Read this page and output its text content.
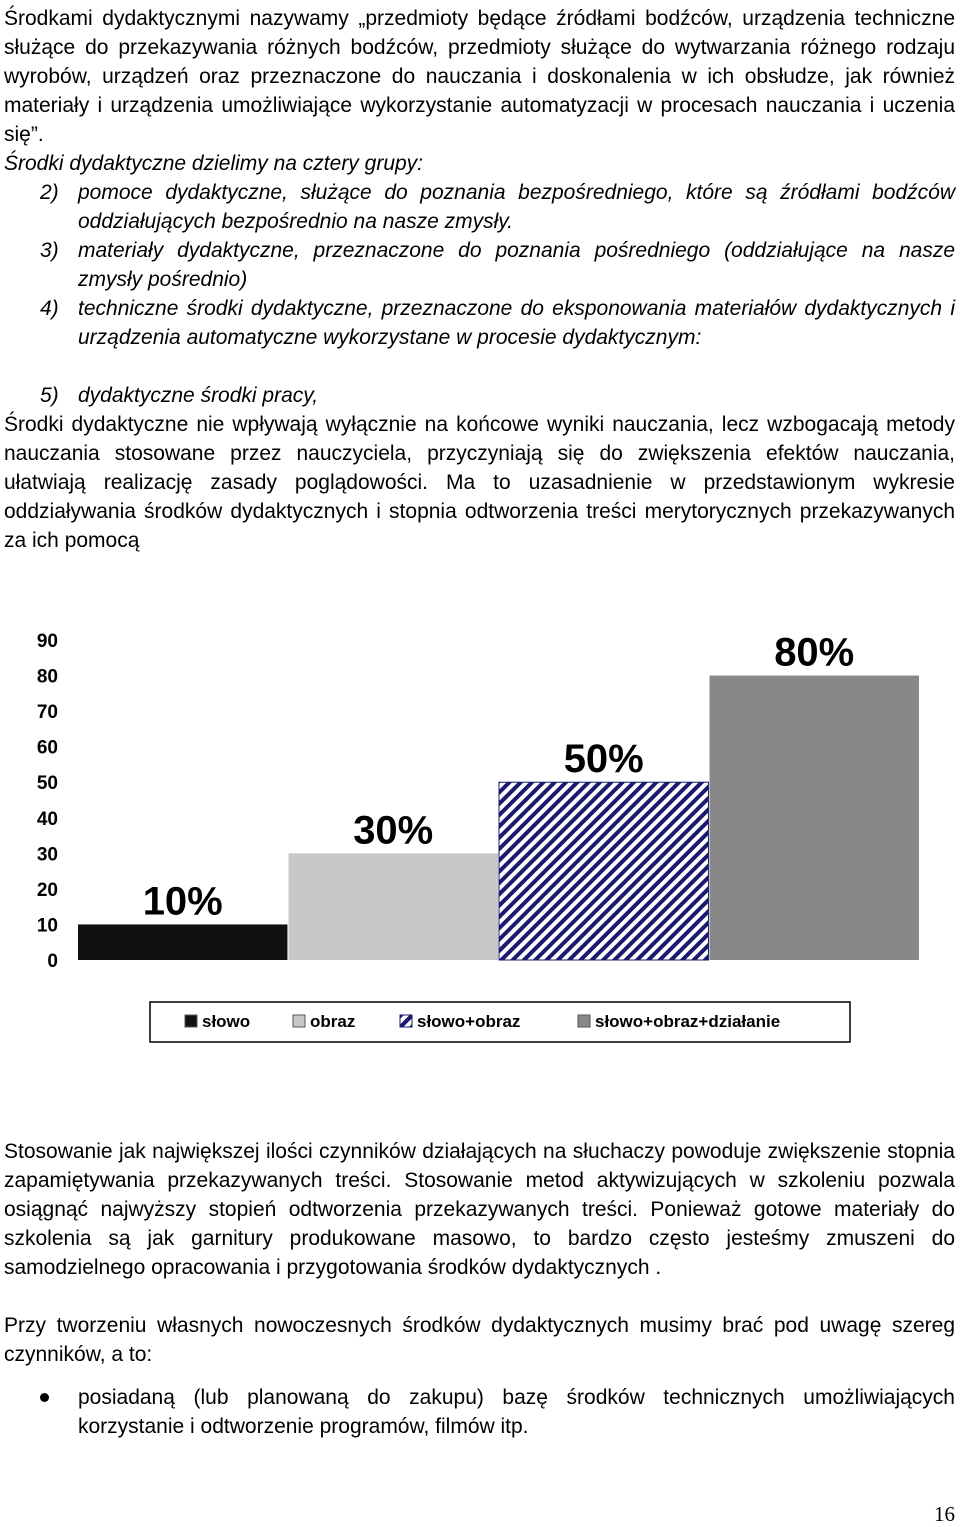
Środkami dydaktycznymi nazywamy „przedmioty będące źródłami bodźców, urządzenia techniczne służące do przekazywania różnych bodźców, przedmioty służące do wytwarzania różnego rodzaju wyrobów, urządzeń oraz przeznaczone do nauczania i doskonalenia w ich obsłudze, jak również materiały i urządzenia umożliwiające wykorzystanie automatyzacji w procesach nauczania i uczenia się”.

Środki dydaktyczne dzielimy na cztery grupy:

2) pomoce dydaktyczne, służące do poznania bezpośredniego, które są źródłami bodźców oddziałujących bezpośrednio na nasze zmysły.
3) materiały dydaktyczne, przeznaczone do poznania pośredniego (oddziałujące na nasze zmysły pośrednio)
4) techniczne środki dydaktyczne, przeznaczone do eksponowania materiałów dydaktycznych i urządzenia automatyczne wykorzystane w procesie dydaktycznym:
5) dydaktyczne środki pracy,

Środki dydaktyczne nie wpływają wyłącznie na końcowe wyniki nauczania, lecz wzbogacają metody nauczania stosowane przez nauczyciela, przyczyniają się do zwiększenia efektów nauczania, ułatwiają realizację zasady poglądowości. Ma to uzasadnienie w przedstawionym wykresie oddziaływania środków dydaktycznych i stopnia odtworzenia treści merytorycznych przekazywanych za ich pomocą

0
10
20
30
40
50
60
70
80
90
10%
30%
50%
80%
słowo	obraz	słowo+obraz	słowo+obraz+działanie

Stosowanie jak największej ilości czynników działających na słuchaczy powoduje zwiększenie stopnia zapamiętywania przekazywanych treści. Stosowanie metod aktywizujących w szkoleniu pozwala osiągnąć najwyższy stopień odtworzenia przekazywanych treści. Ponieważ gotowe materiały do szkolenia są jak garnitury produkowane masowo, to bardzo często jesteśmy zmuszeni do samodzielnego opracowania i przygotowania środków dydaktycznych .

Przy tworzeniu własnych nowoczesnych środków dydaktycznych musimy brać pod uwagę szereg czynników, a to:

posiadaną (lub planowaną do zakupu) bazę środków technicznych umożliwiających korzystanie i odtworzenie programów, filmów itp.
16
